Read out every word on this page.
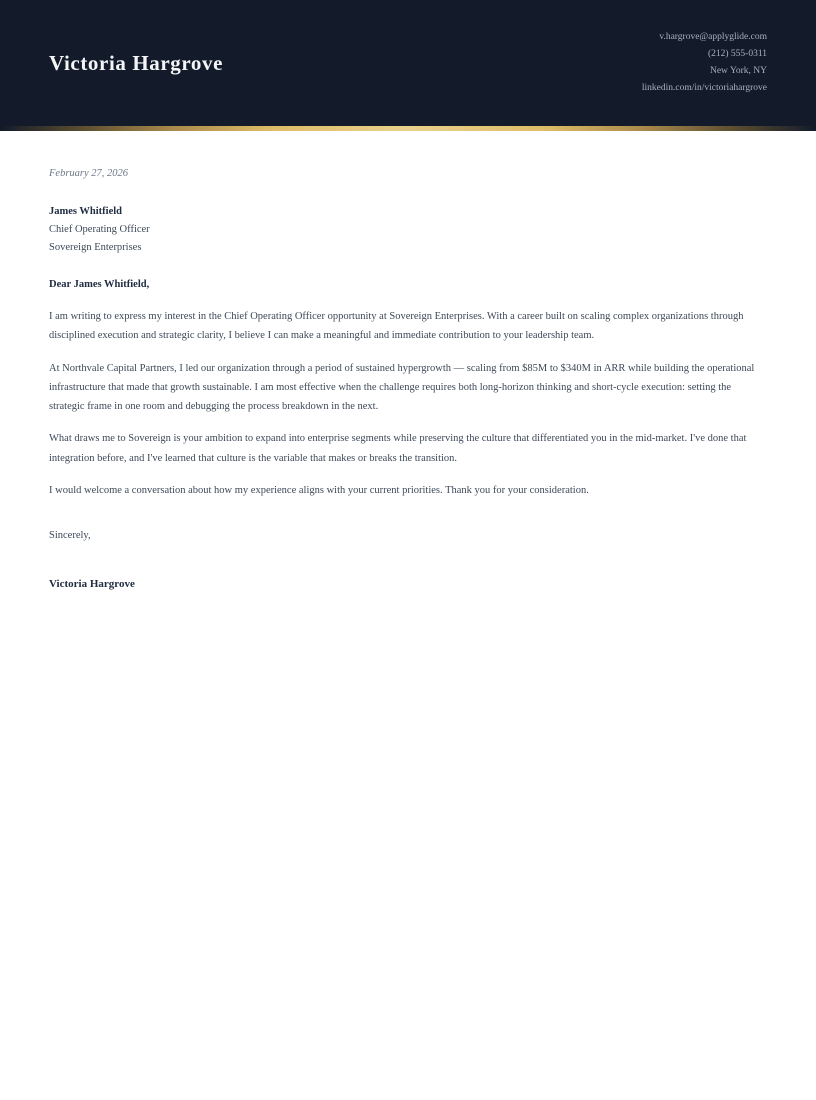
Victoria Hargrove
v.hargrove@applyglide.com
(212) 555-0311
New York, NY
linkedin.com/in/victoriahargrove

February 27, 2026

James Whitfield

Chief Operating Officer

Sovereign Enterprises

Dear James Whitfield,

I am writing to express my interest in the Chief Operating Officer opportunity at Sovereign Enterprises. With a career built on scaling complex organizations through disciplined execution and strategic clarity, I believe I can make a meaningful and immediate contribution to your leadership team.

At Northvale Capital Partners, I led our organization through a period of sustained hypergrowth — scaling from $85M to $340M in ARR while building the operational infrastructure that made that growth sustainable. I am most effective when the challenge requires both long-horizon thinking and short-cycle execution: setting the strategic frame in one room and debugging the process breakdown in the next.

What draws me to Sovereign is your ambition to expand into enterprise segments while preserving the culture that differentiated you in the mid-market. I've done that integration before, and I've learned that culture is the variable that makes or breaks the transition.

I would welcome a conversation about how my experience aligns with your current priorities. Thank you for your consideration.

Sincerely,

Victoria Hargrove
